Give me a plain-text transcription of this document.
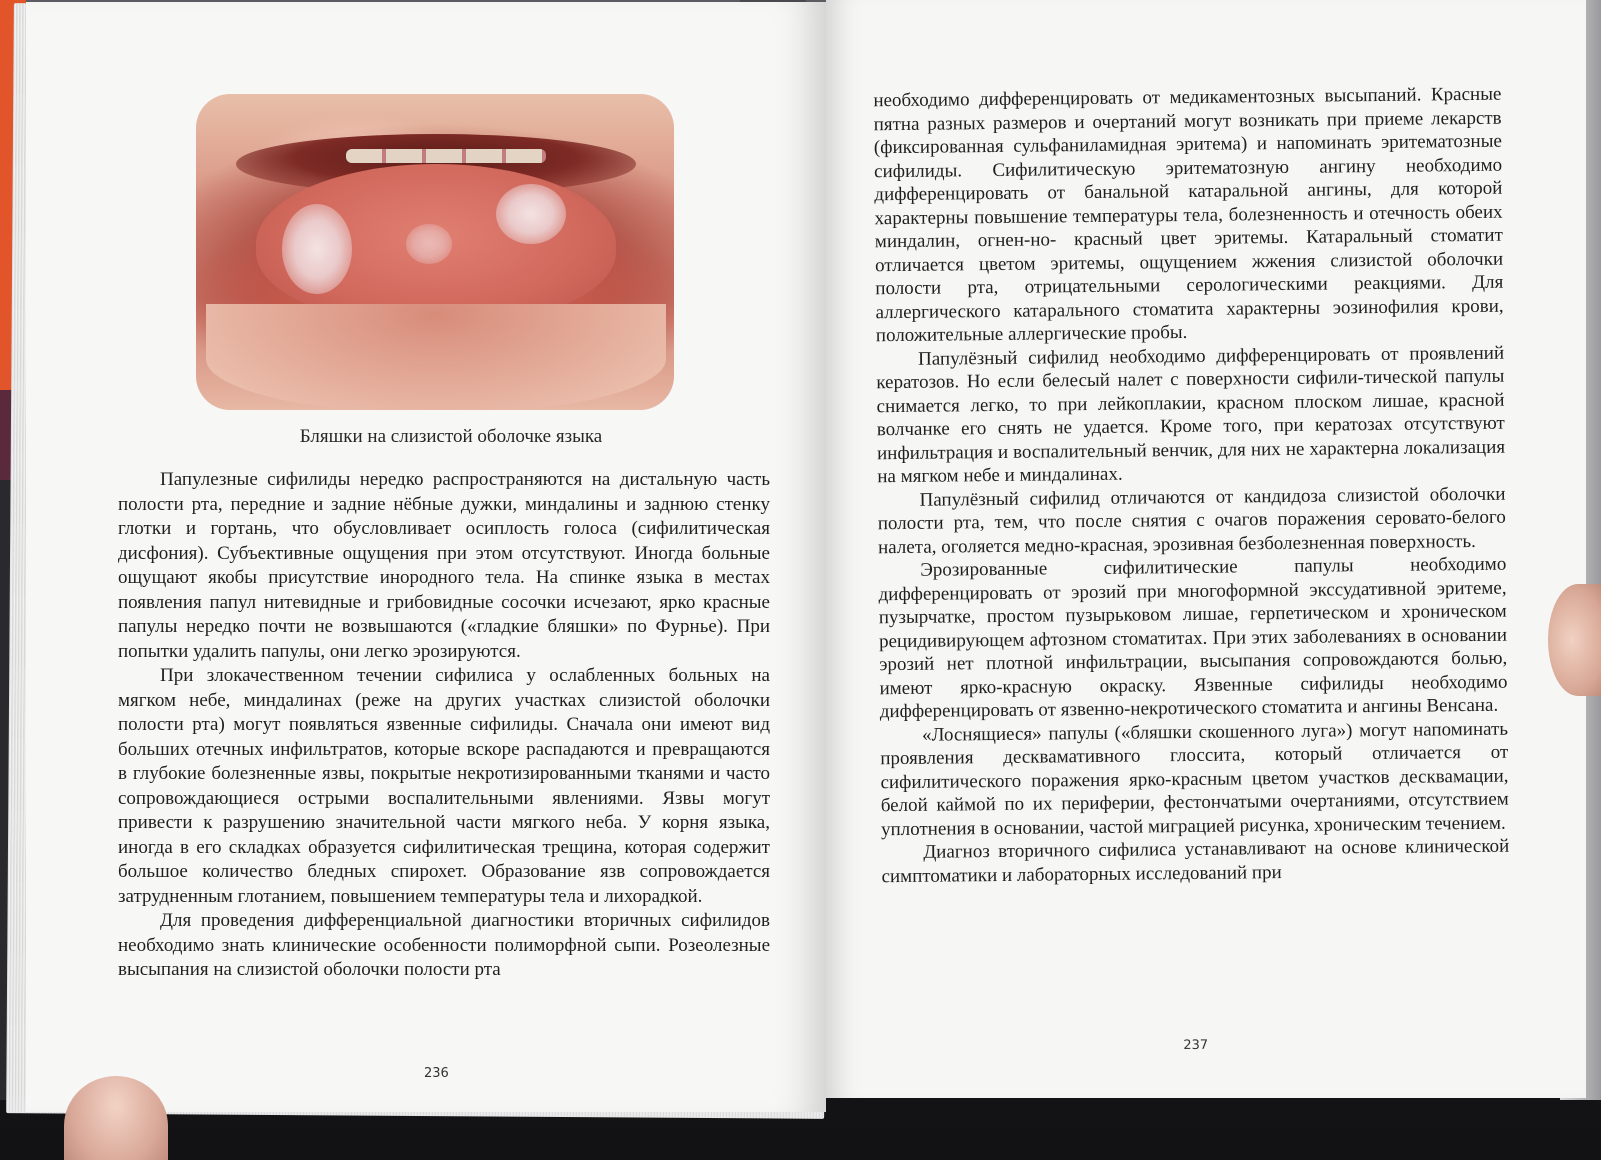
Бляшки на слизистой оболочке языка

Папулезные сифилиды нередко распространяются на дистальную часть полости рта, передние и задние нёбные дужки, миндалины и заднюю стенку глотки и гортань, что обусловливает осиплость голоса (сифилитическая дисфония). Субъективные ощущения при этом отсутствуют. Иногда больные ощущают якобы присутствие инородного тела. На спинке языка в местах появления папул нитевидные и грибовидные сосочки исчезают, ярко красные папулы нередко почти не возвышаются («гладкие бляшки» по Фурнье). При попытки удалить папулы, они легко эрозируются.

При злокачественном течении сифилиса у ослабленных больных на мягком небе, миндалинах (реже на других участках слизистой оболочки полости рта) могут появляться язвенные сифилиды. Сначала они имеют вид больших отечных инфильтратов, которые вскоре распадаются и превращаются в глубокие болезненные язвы, покрытые некротизированными тканями и часто сопровождающиеся острыми воспалительными явлениями. Язвы могут привести к разрушению значительной части мягкого неба. У корня языка, иногда в его складках образуется сифилитическая трещина, которая содержит большое количество бледных спирохет. Образование язв сопровождается затрудненным глотанием, повышением температуры тела и лихорадкой.

Для проведения дифференциальной диагностики вторичных сифилидов необходимо знать клинические особенности полиморфной сыпи. Розеолезные высыпания на слизистой оболочки полости рта

236

необходимо дифференцировать от медикаментозных высыпаний. Красные пятна разных размеров и очертаний могут возникать при приеме лекарств (фиксированная сульфаниламидная эритема) и напоминать эритематозные сифилиды. Сифилитическую эритематозную ангину необходимо дифференцировать от банальной катаральной ангины, для которой характерны повышение температуры тела, болезненность и отечность обеих миндалин, огнен-но- красный цвет эритемы. Катаральный стоматит отличается цветом эритемы, ощущением жжения слизистой оболочки полости рта, отрицательными серологическими реакциями. Для аллергического катарального стоматита характерны эозинофилия крови, положительные аллергические пробы.

Папулёзный сифилид необходимо дифференцировать от проявлений кератозов. Но если белесый налет с поверхности сифили-тической папулы снимается легко, то при лейкоплакии, красном плоском лишае, красной волчанке его снять не удается. Кроме того, при кератозах отсутствуют инфильтрация и воспалительный венчик, для них не характерна локализация на мягком небе и миндалинах.

Папулёзный сифилид отличаются от кандидоза слизистой оболочки полости рта, тем, что после снятия с очагов поражения серовато-белого налета, оголяется медно-красная, эрозивная безболезненная поверхность.

Эрозированные сифилитические папулы необходимо дифференцировать от эрозий при многоформной экссудативной эритеме, пузырчатке, простом пузырьковом лишае, герпетическом и хроническом рецидивирующем афтозном стоматитах. При этих заболеваниях в основании эрозий нет плотной инфильтрации, высыпания сопровождаются болью, имеют ярко-красную окраску. Язвенные сифилиды необходимо дифференцировать от язвенно-некротического стоматита и ангины Венсана.

«Лоснящиеся» папулы («бляшки скошенного луга») могут напоминать проявления десквамативного глоссита, который отличается от сифилитического поражения ярко-красным цветом участков десквамации, белой каймой по их периферии, фестончатыми очертаниями, отсутствием уплотнения в основании, частой миграцией рисунка, хроническим течением.

Диагноз вторичного сифилиса устанавливают на основе клинической симптоматики и лабораторных исследований при

237
